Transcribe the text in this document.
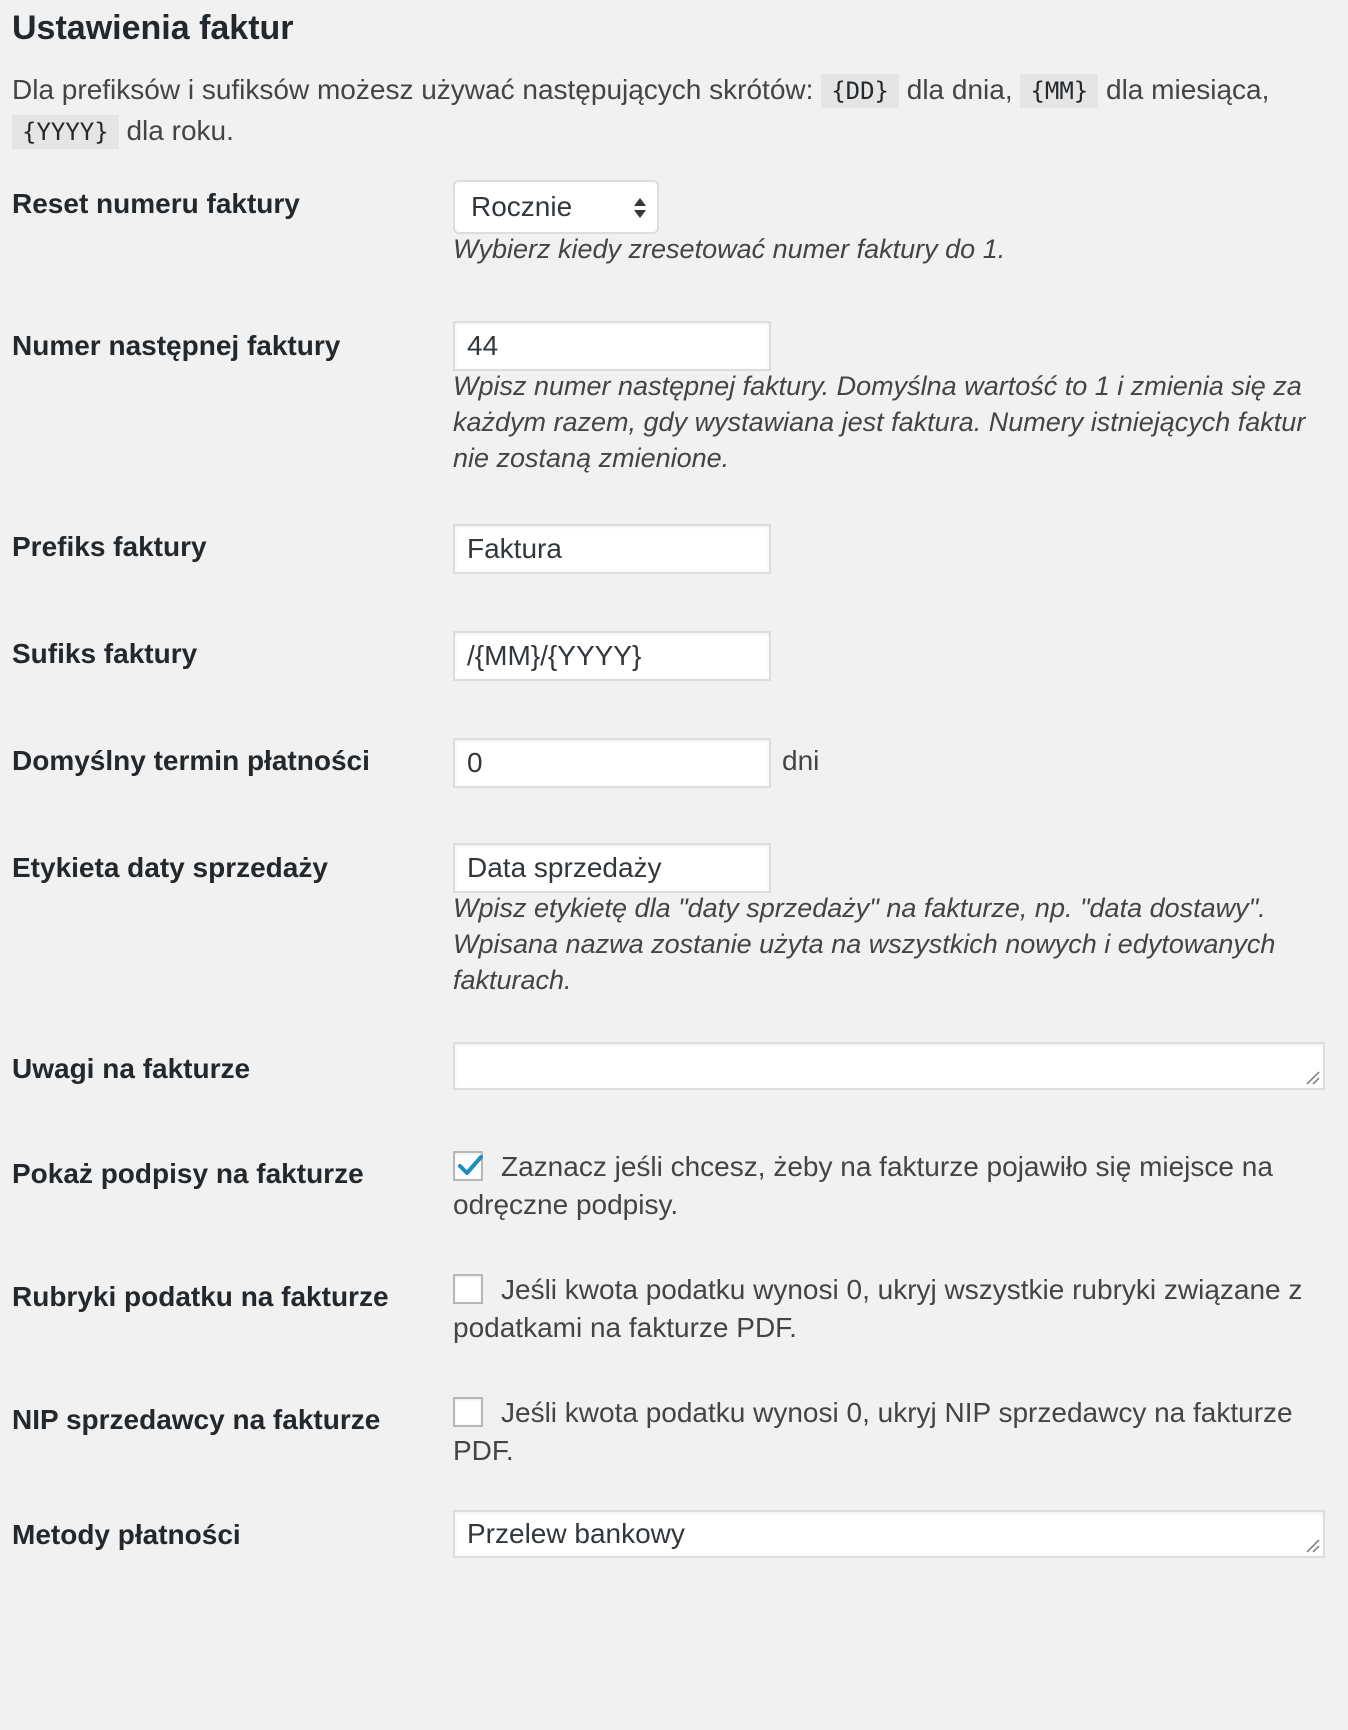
Ustawienia faktur
Dla prefiksów i sufiksów możesz używać następujących skrótów: {DD} dla dnia, {MM} dla miesiąca,
{YYYY} dla roku.
Reset numeru faktury	Rocznie
Wybierz kiedy zresetować numer faktury do 1.
Numer następnej faktury	44
Wpisz numer następnej faktury. Domyślna wartość to 1 i zmienia się za każdym razem, gdy wystawiana jest faktura. Numery istniejących faktur nie zostaną zmienione.
Prefiks faktury	Faktura
Sufiks faktury	/{MM}/{YYYY}
Domyślny termin płatności	0	dni
Etykieta daty sprzedaży	Data sprzedaży
Wpisz etykietę dla "daty sprzedaży" na fakturze, np. "data dostawy". Wpisana nazwa zostanie użyta na wszystkich nowych i edytowanych fakturach.
Uwagi na fakturze
Pokaż podpisy na fakturze	Zaznacz jeśli chcesz, żeby na fakturze pojawiło się miejsce na odręczne podpisy.
Rubryki podatku na fakturze	Jeśli kwota podatku wynosi 0, ukryj wszystkie rubryki związane z podatkami na fakturze PDF.
NIP sprzedawcy na fakturze	Jeśli kwota podatku wynosi 0, ukryj NIP sprzedawcy na fakturze PDF.
Metody płatności	Przelew bankowy
